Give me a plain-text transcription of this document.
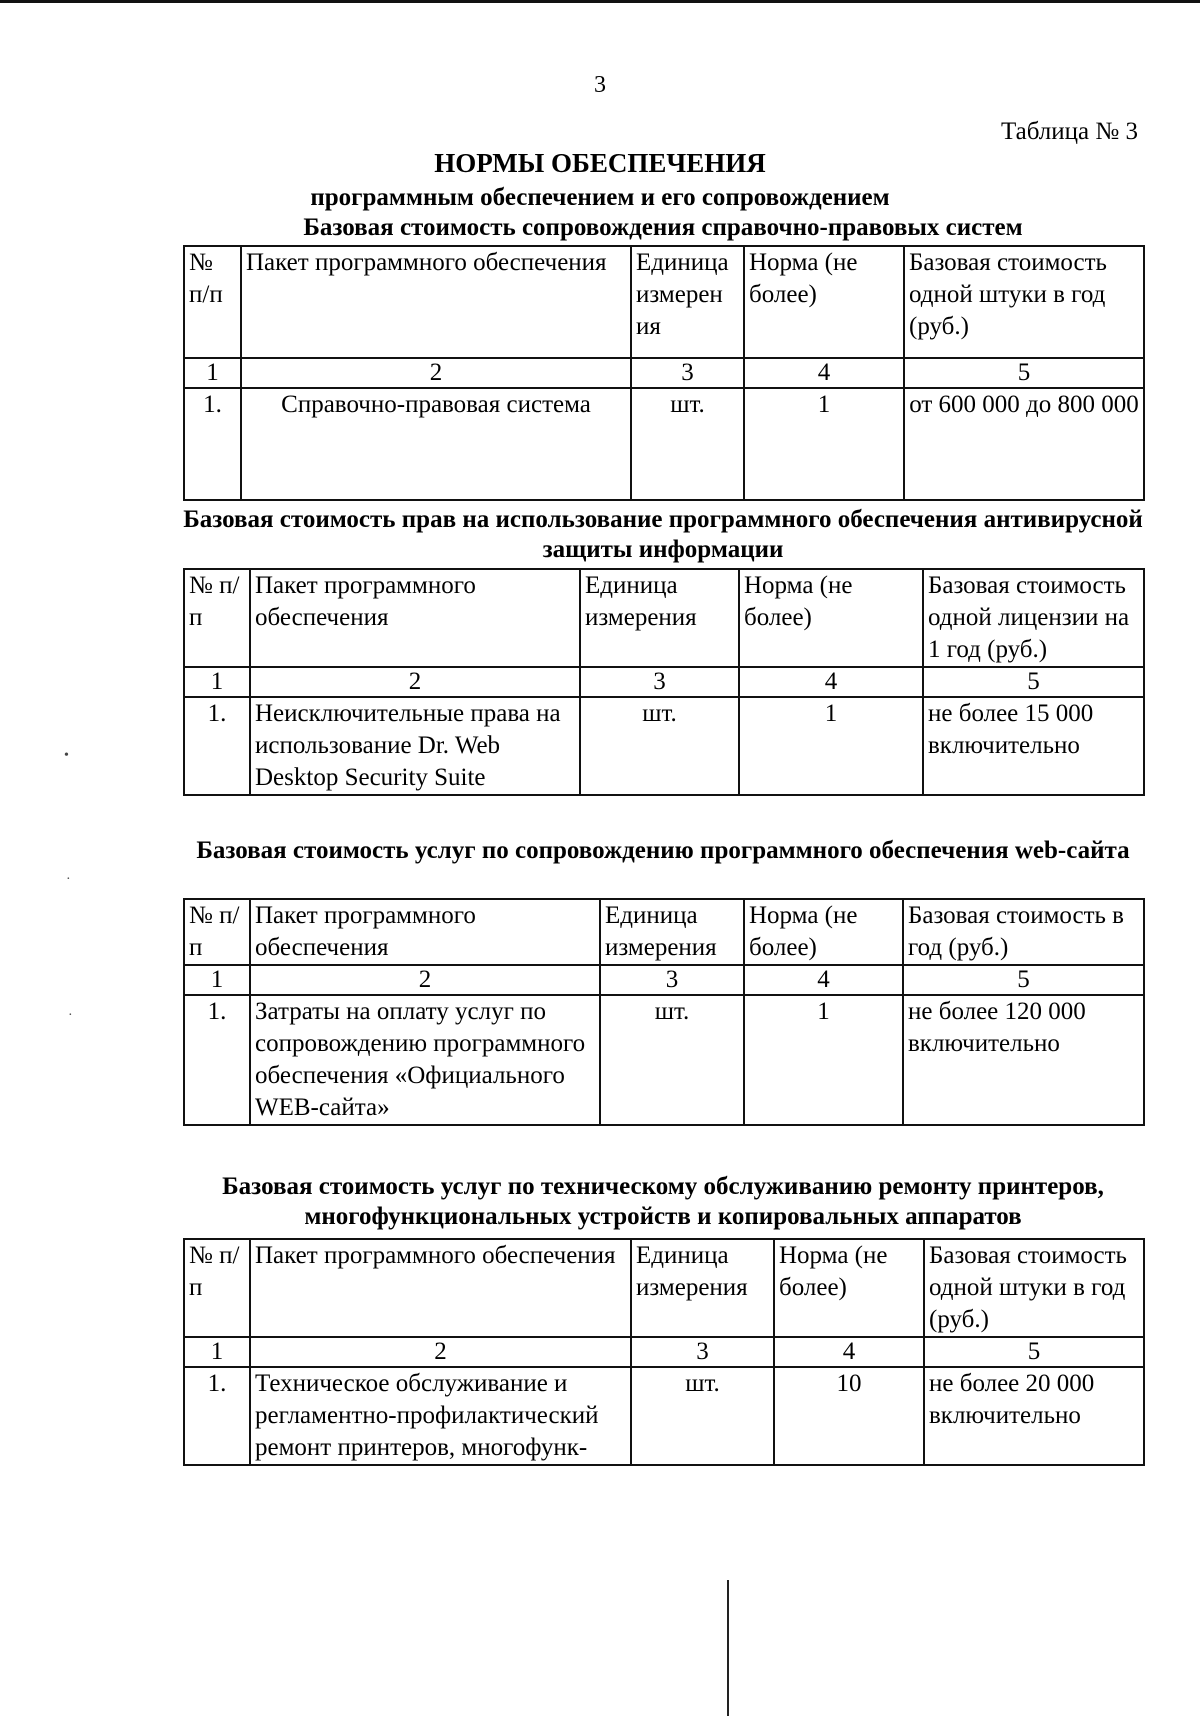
3
Таблица № 3
НОРМЫ ОБЕСПЕЧЕНИЯ
программным обеспечением и его сопровождением
Базовая стоимость сопровождения справочно-правовых систем
№ п/п	Пакет программного обеспечения	Единица измерен ия	Норма (не более)	Базовая стоимость одной штуки в год (руб.)
1	2	3	4	5
1.	Справочно-правовая система	шт.	1	от 600 000 до 800 000
Базовая стоимость прав на использование программного обеспечения антивирусной защиты информации
№ п/п	Пакет программного обеспечения	Единица измерения	Норма (не более)	Базовая стоимость одной лицензии на 1 год (руб.)
1	2	3	4	5
1.	Неисключительные права на использование Dr. Web Desktop Security Suite	шт.	1	не более 15 000 включительно
Базовая стоимость услуг по сопровождению программного обеспечения web-сайта
№ п/п	Пакет программного обеспечения	Единица измерения	Норма (не более)	Базовая стоимость в год (руб.)
1	2	3	4	5
1.	Затраты на оплату услуг по сопровождению программного обеспечения «Официального WEB-сайта»	шт.	1	не более 120 000 включительно
Базовая стоимость услуг по техническому обслуживанию ремонту принтеров, многофункциональных устройств и копировальных аппаратов
№ п/п	Пакет программного обеспечения	Единица измерения	Норма (не более)	Базовая стоимость одной штуки в год (руб.)
1	2	3	4	5
1.	Техническое обслуживание и регламентно-профилактический ремонт принтеров, многофунк-	шт.	10	не более 20 000 включительно
•
·
·
